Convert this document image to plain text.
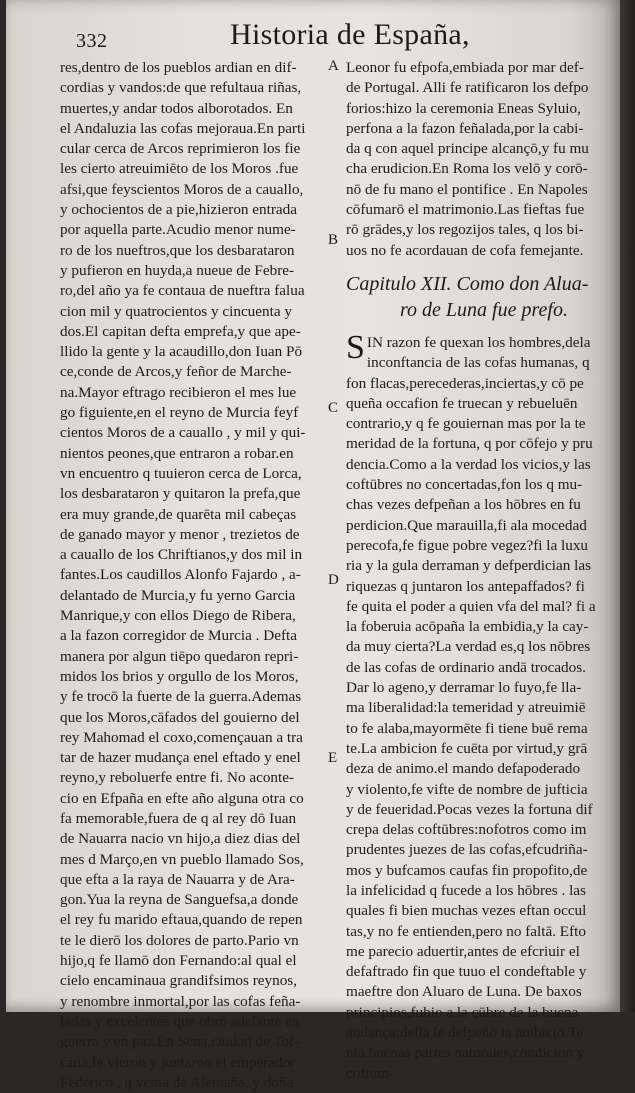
332	Historia de España,
res,dentro de los pueblos ardian en dif-
cordias y vandos:de que refultaua riñas,
muertes,y andar todos alborotados. En
el Andaluzia las cofas mejoraua.En parti
cular cerca de Arcos reprimieron los fie
les cierto atreuimiēto de los Moros .fue
afsi,que feyscientos Moros de a cauallo,
y ochocientos de a pie,hizieron entrada
por aquella parte.Acudio menor nume-
ro de los nueftros,que los desbarataron
y pufieron en huyda,a nueue de Febre-
ro,del año ya fe contaua de nueftra falua
cion mil y quatrocientos y cincuenta y
dos.El capitan defta emprefa,y que ape-
llido la gente y la acaudillo,don Iuan Pō
ce,conde de Arcos,y feñor de Marche-
na.Mayor eftrago recibieron el mes lue
go figuiente,en el reyno de Murcia feyf
cientos Moros de a cauallo , y mil y qui-
nientos peones,que entraron a robar.en
vn encuentro q tuuieron cerca de Lorca,
los desbarataron y quitaron la prefa,que
era muy grande,de quarēta mil cabeças
de ganado mayor y menor , trezietos de
a cauallo de los Chriftianos,y dos mil in
fantes.Los caudillos Alonfo Fajardo , a-
delantado de Murcia,y fu yerno Garcia
Manrique,y con ellos Diego de Ribera,
a la fazon corregidor de Murcia . Defta
manera por algun tiēpo quedaron repri-
midos los brios y orgullo de los Moros,
y fe trocō la fuerte de la guerra.Ademas
que los Moros,cāfados del gouierno del
rey Mahomad el coxo,començauan a tra
tar de hazer mudança enel eftado y enel
reyno,y reboluerfe entre fi. No aconte-
cio en Efpaña en efte año alguna otra co
fa memorable,fuera de q al rey dō Iuan
de Nauarra nacio vn hijo,a diez dias del
mes d Março,en vn pueblo llamado Sos,
que efta a la raya de Nauarra y de Ara-
gon.Yua la reyna de Sanguefsa,a donde
el rey fu marido eftaua,quando de repen
te le dierō los dolores de parto.Pario vn
hijo,q fe llamō don Fernando:al qual el
cielo encaminaua grandifsimos reynos,
y renombre inmortal,por las cofas feña-
ladas y excelentes que obrō adelante en
guerra y en paz.En Sena,ciudad de Tof-
cana,fe vieron y juntaron el emperador
Federico , q venia de Alemaña, y doña
Leonor fu efpofa,embiada por mar def-
de Portugal. Alli fe ratificaron los defpo
forios:hizo la ceremonia Eneas Syluio,
perfona a la fazon feñalada,por la cabi-
da q con aquel principe alcançō,y fu mu
cha erudicion.En Roma los velō y corō-
nō de fu mano el pontifice . En Napoles
cōfumarō el matrimonio.Las fieftas fue
rō grādes,y los regozijos tales, q los bi-
uos no fe acordauan de cofa femejante.
Capitulo XII. Como don Alua-
ro de Luna fue prefo.
S IN razon fe quexan los hombres,dela
inconftancia de las cofas humanas, q
fon flacas,perecederas,inciertas,y cō pe
queña occafion fe truecan y rebueluēn
contrario,y q fe gouiernan mas por la te
meridad de la fortuna, q por cōfejo y pru
dencia.Como a la verdad los vicios,y las
coftūbres no concertadas,fon los q mu-
chas vezes defpeñan a los hōbres en fu
perdicion.Que marauilla,fi ala mocedad
perecofa,fe figue pobre vegez?fi la luxu
ria y la gula derraman y defperdician las
riquezas q juntaron los antepaffados? fi
fe quita el poder a quien vfa del mal? fi a
la foberuia acōpaña la embidia,y la cay-
da muy cierta?La verdad es,q los nōbres
de las cofas de ordinario andā trocados.
Dar lo ageno,y derramar lo fuyo,fe lla-
ma liberalidad:la temeridad y atreuimiē
to fe alaba,mayormēte fi tiene buē rema
te.La ambicion fe cuēta por virtud,y grā
deza de animo.el mando defapoderado
y violento,fe vifte de nombre de jufticia
y de feueridad.Pocas vezes la fortuna dif
crepa delas coftūbres:nofotros como im
prudentes juezes de las cofas,efcudriña-
mos y bufcamos caufas fin propofito,de
la infelicidad q fucede a los hōbres . las
quales fi bien muchas vezes eftan occul
tas,y no fe entienden,pero no faltā. Efto
me parecio aduertir,antes de efcriuir el
defaftrado fin que tuuo el condeftable y
maeftre don Aluaro de Luna. De baxos
principios,fubio a la cūbre de la buena
andança:della le defpeñō la ambiciō.Te
nia buenas partes naturales,condicion y
coftum-
A
B
C
D
E
